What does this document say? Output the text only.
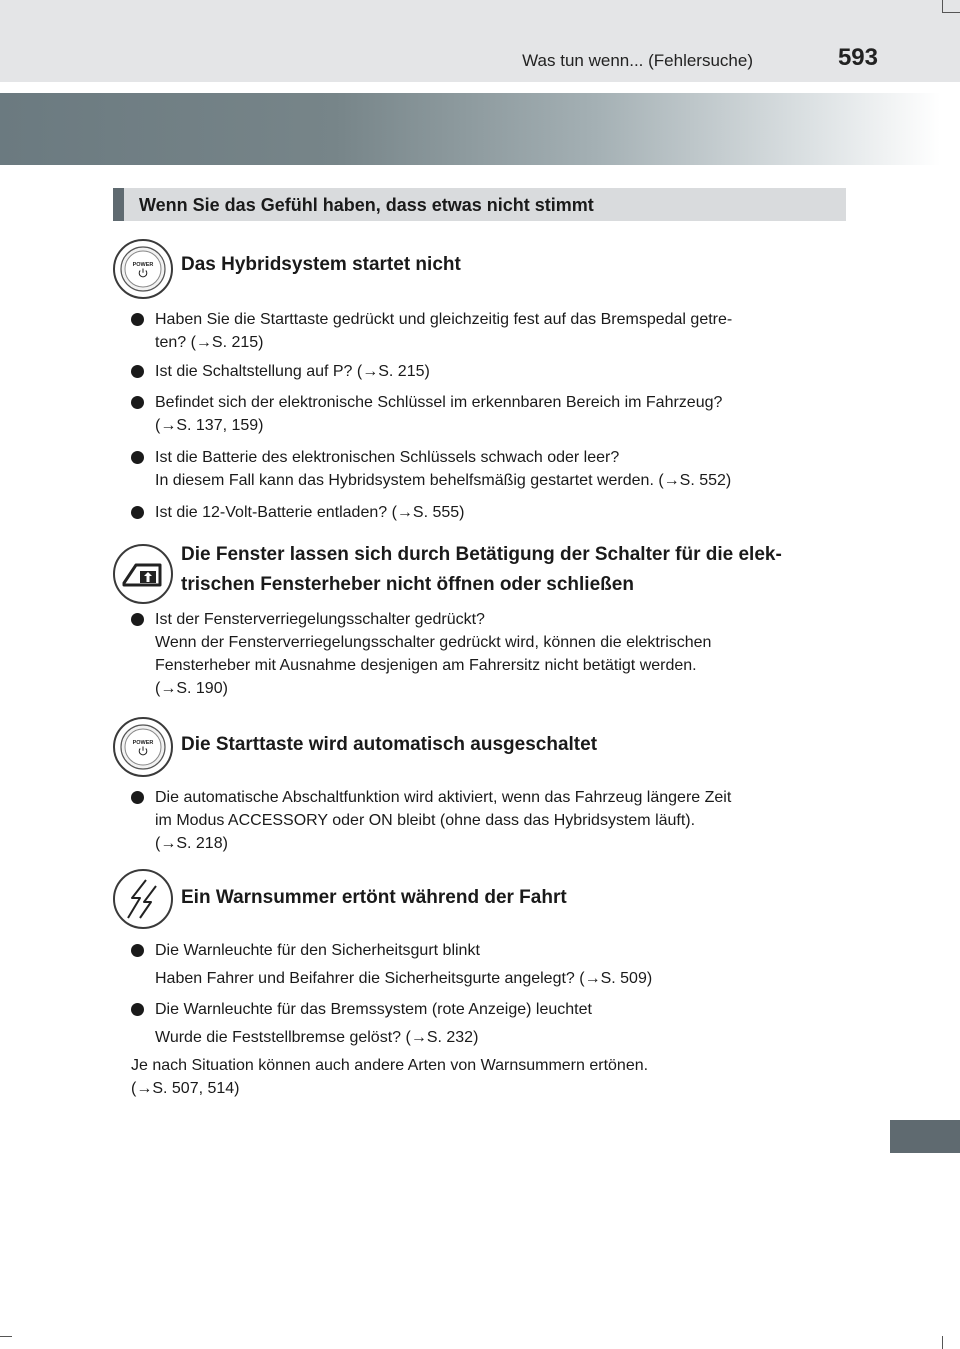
Was tun wenn... (Fehlersuche)	593
Wenn Sie das Gefühl haben, dass etwas nicht stimmt
POWER Das Hybridsystem startet nicht
Haben Sie die Starttaste gedrückt und gleichzeitig fest auf das Bremspedal getre-
ten? (→S. 215)
Ist die Schaltstellung auf P? (→S. 215)
Befindet sich der elektronische Schlüssel im erkennbaren Bereich im Fahrzeug?
(→S. 137, 159)
Ist die Batterie des elektronischen Schlüssels schwach oder leer?
In diesem Fall kann das Hybridsystem behelfsmäßig gestartet werden. (→S. 552)
Ist die 12-Volt-Batterie entladen? (→S. 555)
Die Fenster lassen sich durch Betätigung der Schalter für die elek-
trischen Fensterheber nicht öffnen oder schließen
Ist der Fensterverriegelungsschalter gedrückt?
Wenn der Fensterverriegelungsschalter gedrückt wird, können die elektrischen
Fensterheber mit Ausnahme desjenigen am Fahrersitz nicht betätigt werden.
(→S. 190)
POWER Die Starttaste wird automatisch ausgeschaltet
Die automatische Abschaltfunktion wird aktiviert, wenn das Fahrzeug längere Zeit
im Modus ACCESSORY oder ON bleibt (ohne dass das Hybridsystem läuft).
(→S. 218)
Ein Warnsummer ertönt während der Fahrt
Die Warnleuchte für den Sicherheitsgurt blinkt
Haben Fahrer und Beifahrer die Sicherheitsgurte angelegt? (→S. 509)
Die Warnleuchte für das Bremssystem (rote Anzeige) leuchtet
Wurde die Feststellbremse gelöst? (→S. 232)
Je nach Situation können auch andere Arten von Warnsummern ertönen.
(→S. 507, 514)
